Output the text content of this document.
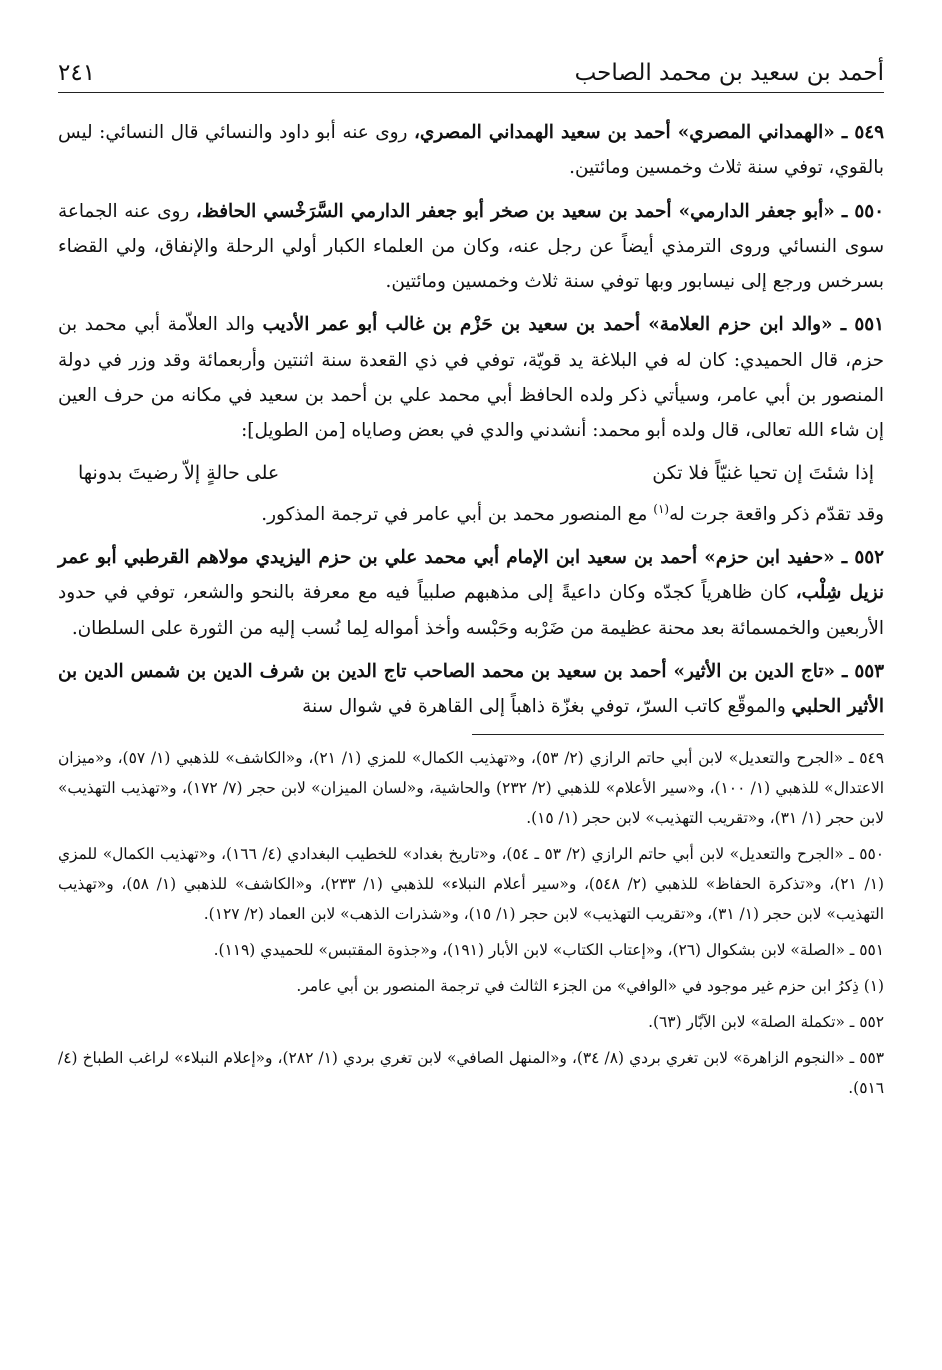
أحمد بن سعيد بن محمد الصاحب
٢٤١

٥٤٩ ـ «الهمداني المصري» أحمد بن سعيد الهمداني المصري، روى عنه أبو داود والنسائي قال النسائي: ليس بالقوي، توفي سنة ثلاث وخمسين ومائتين.

٥٥٠ ـ «أبو جعفر الدارمي» أحمد بن سعيد بن صخر أبو جعفر الدارمي السَّرَخْسي الحافظ، روى عنه الجماعة سوى النسائي وروى الترمذي أيضاً عن رجل عنه، وكان من العلماء الكبار أولي الرحلة والإنفاق، ولي القضاء بسرخس ورجع إلى نيسابور وبها توفي سنة ثلاث وخمسين ومائتين.

٥٥١ ـ «والد ابن حزم العلامة» أحمد بن سعيد بن حَزْم بن غالب أبو عمر الأديب والد العلاّمة أبي محمد بن حزم، قال الحميدي: كان له في البلاغة يد قويّة، توفي في ذي القعدة سنة اثنتين وأربعمائة وقد وزر في دولة المنصور بن أبي عامر، وسيأتي ذكر ولده الحافظ أبي محمد علي بن أحمد بن سعيد في مكانه من حرف العين إن شاء الله تعالى، قال ولده أبو محمد: أنشدني والدي في بعض وصاياه [من الطويل]:

إذا شئتَ إن تحيا غنيّاً فلا تكن
على حالةٍ إلاّ رضيتَ بدونها

وقد تقدّم ذكر واقعة جرت له$^{(١)}$ مع المنصور محمد بن أبي عامر في ترجمة المذكور.

٥٥٢ ـ «حفيد ابن حزم» أحمد بن سعيد ابن الإمام أبي محمد علي بن حزم اليزيدي مولاهم القرطبي أبو عمر نزيل شِلْب، كان ظاهرياً كجدّه وكان داعيةً إلى مذهبهم صلبياً فيه مع معرفة بالنحو والشعر، توفي في حدود الأربعين والخمسمائة بعد محنة عظيمة من ضَرْبه وحَبْسه وأخذ أمواله لِما نُسب إليه من الثورة على السلطان.

٥٥٣ ـ «تاج الدين بن الأثير» أحمد بن سعيد بن محمد الصاحب تاج الدين بن شرف الدين بن شمس الدين بن الأثير الحلبي والموقّع كاتب السرّ، توفي بغزّة ذاهباً إلى القاهرة في شوال سنة

٥٤٩ ـ «الجرح والتعديل» لابن أبي حاتم الرازي (٢/ ٥٣)، و«تهذيب الكمال» للمزي (١/ ٢١)، و«الكاشف» للذهبي (١/ ٥٧)، و«ميزان الاعتدال» للذهبي (١/ ١٠٠)، و«سير الأعلام» للذهبي (٢/ ٢٣٢) والحاشية، و«لسان الميزان» لابن حجر (٧/ ١٧٢)، و«تهذيب التهذيب» لابن حجر (١/ ٣١)، و«تقريب التهذيب» لابن حجر (١/ ١٥).

٥٥٠ ـ «الجرح والتعديل» لابن أبي حاتم الرازي (٢/ ٥٣ ـ ٥٤)، و«تاريخ بغداد» للخطيب البغدادي (٤/ ١٦٦)، و«تهذيب الكمال» للمزي (١/ ٢١)، و«تذكرة الحفاظ» للذهبي (٢/ ٥٤٨)، و«سير أعلام النبلاء» للذهبي (١/ ٢٣٣)، و«الكاشف» للذهبي (١/ ٥٨)، و«تهذيب التهذيب» لابن حجر (١/ ٣١)، و«تقريب التهذيب» لابن حجر (١/ ١٥)، و«شذرات الذهب» لابن العماد (٢/ ١٢٧).

٥٥١ ـ «الصلة» لابن بشكوال (٢٦)، و«إعتاب الكتاب» لابن الأبار (١٩١)، و«جذوة المقتبس» للحميدي (١١٩).

(١) ذِكرُ ابن حزم غير موجود في «الوافي» من الجزء الثالث في ترجمة المنصور بن أبي عامر.

٥٥٢ ـ «تكملة الصلة» لابن الآبّار (٦٣).

٥٥٣ ـ «النجوم الزاهرة» لابن تغري بردي (٨/ ٣٤)، و«المنهل الصافي» لابن تغري بردي (١/ ٢٨٢)، و«إعلام النبلاء» لراغب الطباخ (٤/ ٥١٦).
